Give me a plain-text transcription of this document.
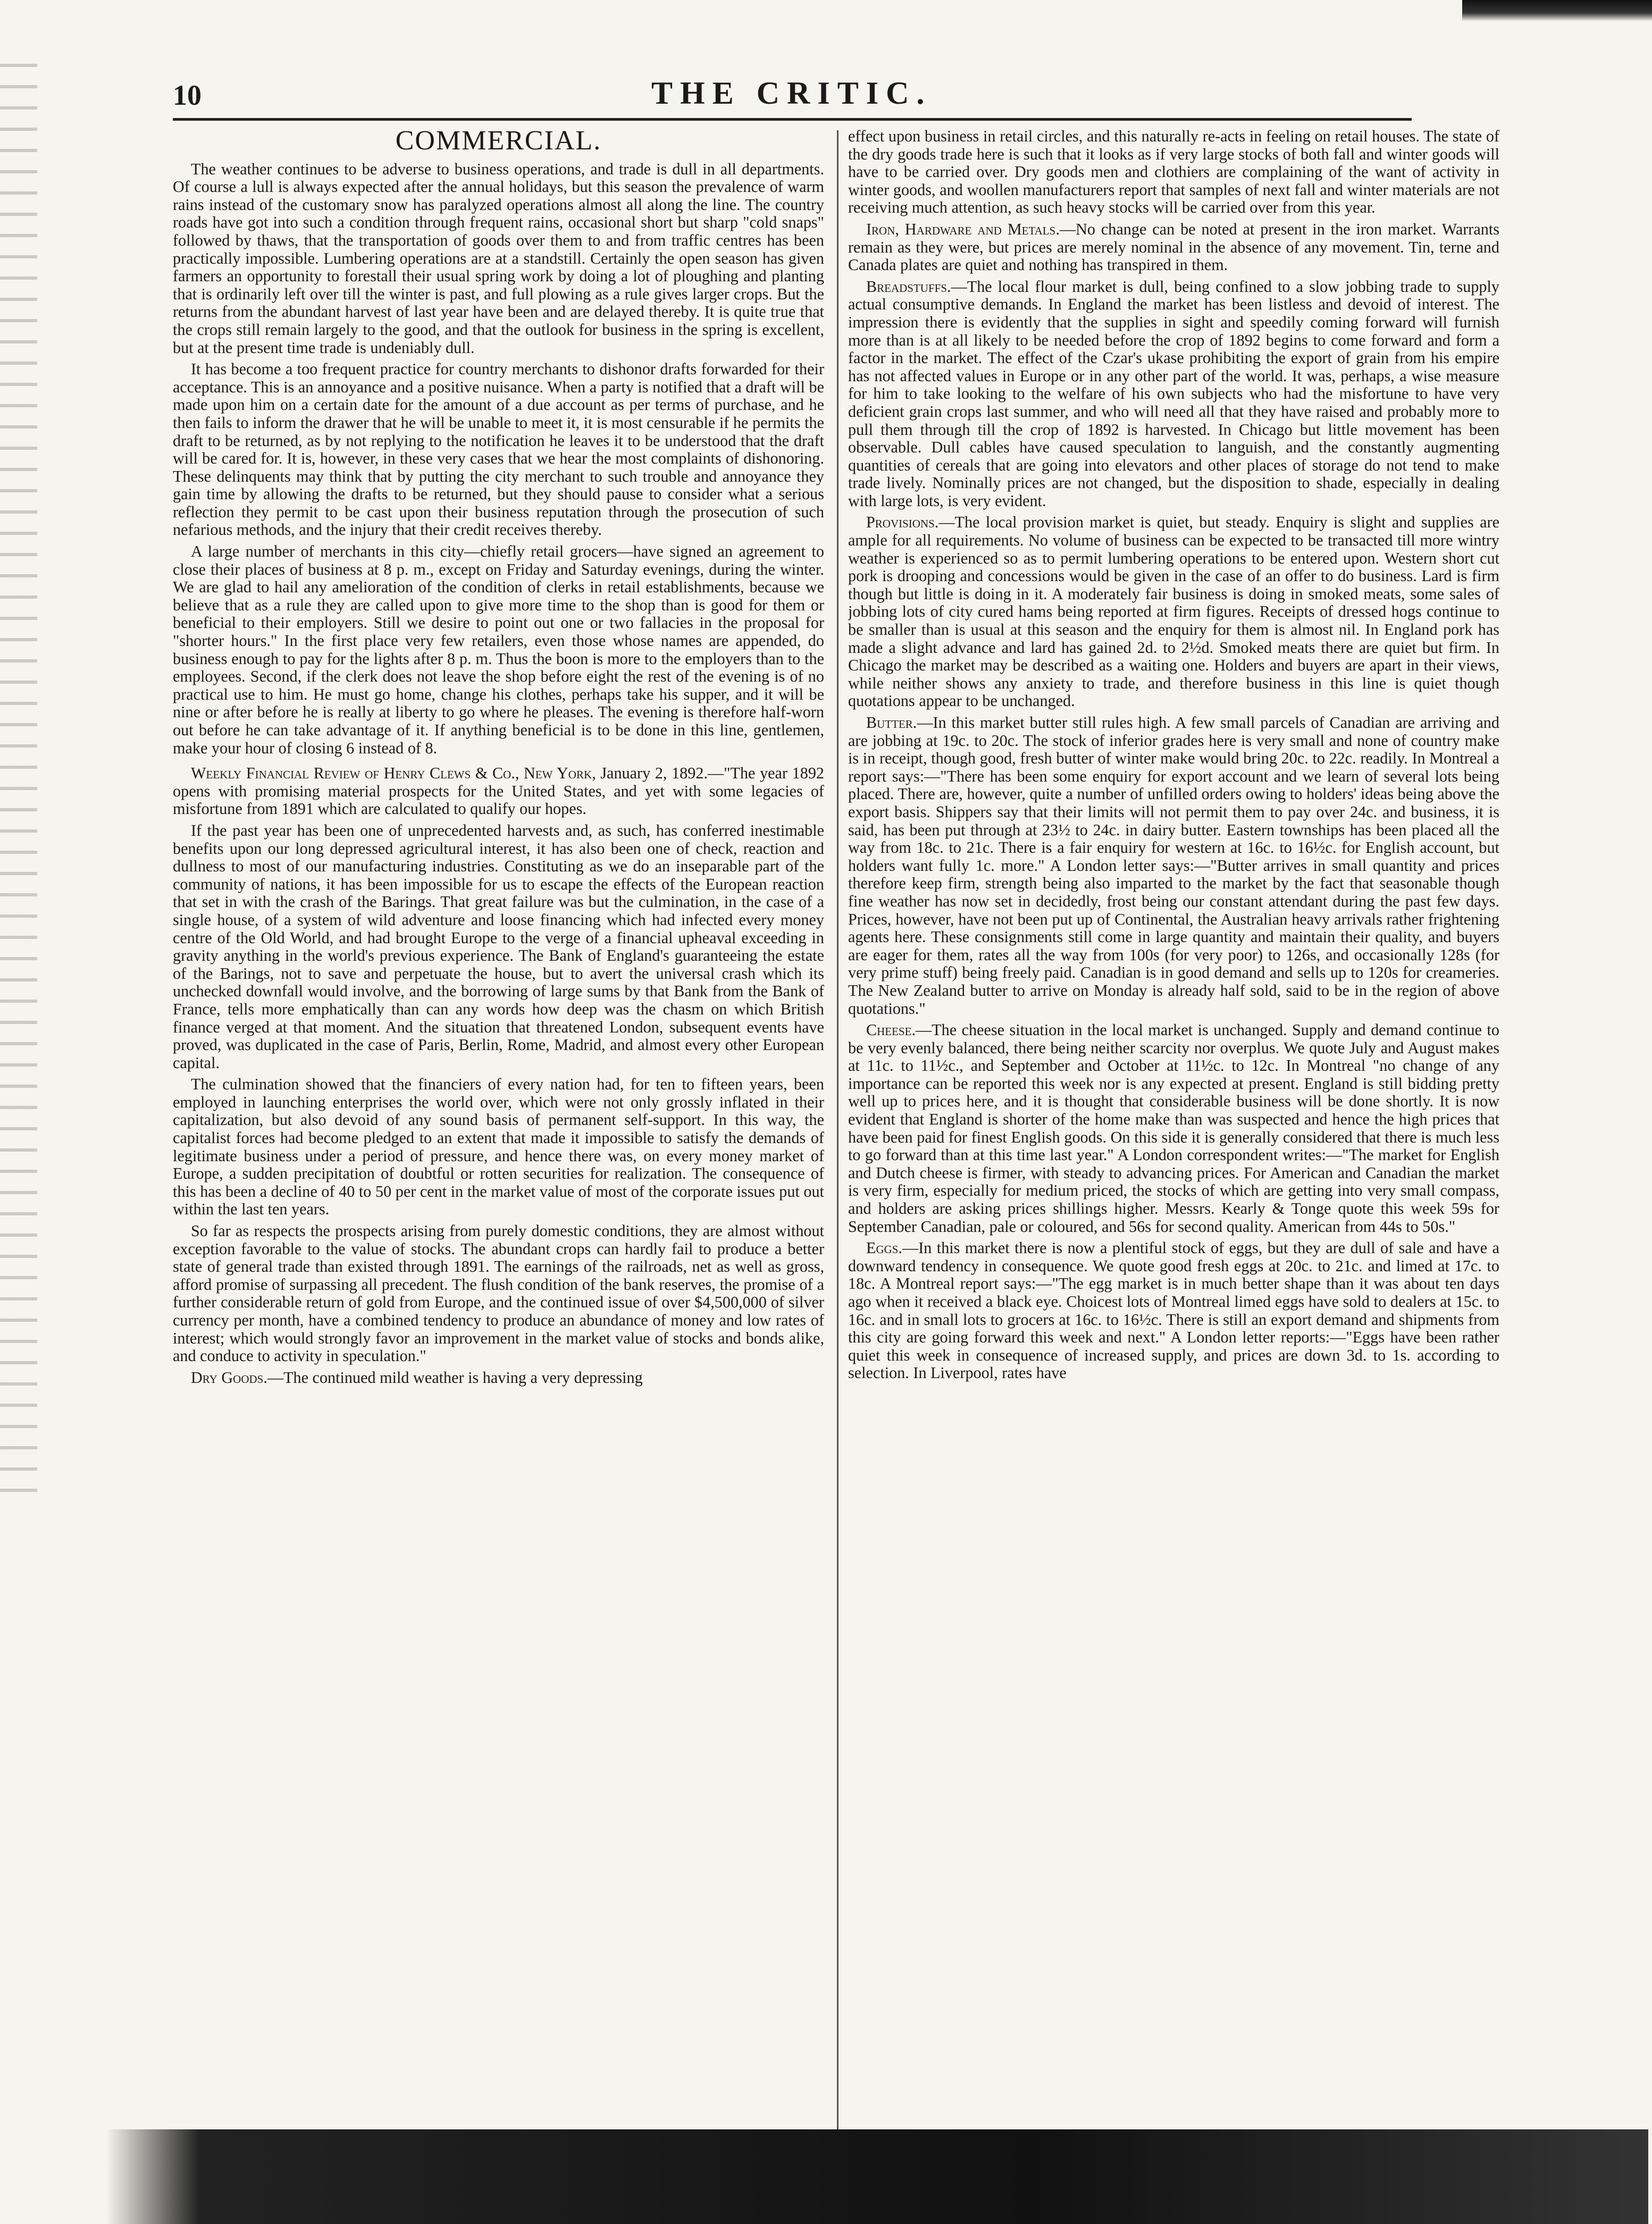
10	THE CRITIC.
COMMERCIAL.

The weather continues to be adverse to business operations, and trade is dull in all departments. Of course a lull is always expected after the annual holidays, but this season the prevalence of warm rains instead of the customary snow has paralyzed operations almost all along the line. The country roads have got into such a condition through frequent rains, occasional short but sharp "cold snaps" followed by thaws, that the transportation of goods over them to and from traffic centres has been practically impossible. Lumbering operations are at a standstill. Certainly the open season has given farmers an opportunity to forestall their usual spring work by doing a lot of ploughing and planting that is ordinarily left over till the winter is past, and full plowing as a rule gives larger crops. But the returns from the abundant harvest of last year have been and are delayed thereby. It is quite true that the crops still remain largely to the good, and that the outlook for business in the spring is excellent, but at the present time trade is undeniably dull.

It has become a too frequent practice for country merchants to dishonor drafts forwarded for their acceptance. This is an annoyance and a positive nuisance. When a party is notified that a draft will be made upon him on a certain date for the amount of a due account as per terms of purchase, and he then fails to inform the drawer that he will be unable to meet it, it is most censurable if he permits the draft to be returned, as by not replying to the notification he leaves it to be understood that the draft will be cared for. It is, however, in these very cases that we hear the most complaints of dishonoring. These delinquents may think that by putting the city merchant to such trouble and annoyance they gain time by allowing the drafts to be returned, but they should pause to consider what a serious reflection they permit to be cast upon their business reputation through the prosecution of such nefarious methods, and the injury that their credit receives thereby.

A large number of merchants in this city—chiefly retail grocers—have signed an agreement to close their places of business at 8 p. m., except on Friday and Saturday evenings, during the winter. We are glad to hail any amelioration of the condition of clerks in retail establishments, because we believe that as a rule they are called upon to give more time to the shop than is good for them or beneficial to their employers. Still we desire to point out one or two fallacies in the proposal for "shorter hours." In the first place very few retailers, even those whose names are appended, do business enough to pay for the lights after 8 p. m. Thus the boon is more to the employers than to the employees. Second, if the clerk does not leave the shop before eight the rest of the evening is of no practical use to him. He must go home, change his clothes, perhaps take his supper, and it will be nine or after before he is really at liberty to go where he pleases. The evening is therefore half-worn out before he can take advantage of it. If anything beneficial is to be done in this line, gentlemen, make your hour of closing 6 instead of 8.

Weekly Financial Review of Henry Clews & Co., New York, January 2, 1892.—"The year 1892 opens with promising material prospects for the United States, and yet with some legacies of misfortune from 1891 which are calculated to qualify our hopes.

If the past year has been one of unprecedented harvests and, as such, has conferred inestimable benefits upon our long depressed agricultural interest, it has also been one of check, reaction and dullness to most of our manufacturing industries. Constituting as we do an inseparable part of the community of nations, it has been impossible for us to escape the effects of the European reaction that set in with the crash of the Barings. That great failure was but the culmination, in the case of a single house, of a system of wild adventure and loose financing which had infected every money centre of the Old World, and had brought Europe to the verge of a financial upheaval exceeding in gravity anything in the world's previous experience. The Bank of England's guaranteeing the estate of the Barings, not to save and perpetuate the house, but to avert the universal crash which its unchecked downfall would involve, and the borrowing of large sums by that Bank from the Bank of France, tells more emphatically than can any words how deep was the chasm on which British finance verged at that moment. And the situation that threatened London, subsequent events have proved, was duplicated in the case of Paris, Berlin, Rome, Madrid, and almost every other European capital.

The culmination showed that the financiers of every nation had, for ten to fifteen years, been employed in launching enterprises the world over, which were not only grossly inflated in their capitalization, but also devoid of any sound basis of permanent self-support. In this way, the capitalist forces had become pledged to an extent that made it impossible to satisfy the demands of legitimate business under a period of pressure, and hence there was, on every money market of Europe, a sudden precipitation of doubtful or rotten securities for realization. The consequence of this has been a decline of 40 to 50 per cent in the market value of most of the corporate issues put out within the last ten years.

So far as respects the prospects arising from purely domestic conditions, they are almost without exception favorable to the value of stocks. The abundant crops can hardly fail to produce a better state of general trade than existed through 1891. The earnings of the railroads, net as well as gross, afford promise of surpassing all precedent. The flush condition of the bank reserves, the promise of a further considerable return of gold from Europe, and the continued issue of over $4,500,000 of silver currency per month, have a combined tendency to produce an abundance of money and low rates of interest; which would strongly favor an improvement in the market value of stocks and bonds alike, and conduce to activity in speculation."

Dry Goods.—The continued mild weather is having a very depressing

effect upon business in retail circles, and this naturally re-acts in feeling on retail houses. The state of the dry goods trade here is such that it looks as if very large stocks of both fall and winter goods will have to be carried over. Dry goods men and clothiers are complaining of the want of activity in winter goods, and woollen manufacturers report that samples of next fall and winter materials are not receiving much attention, as such heavy stocks will be carried over from this year.

Iron, Hardware and Metals.—No change can be noted at present in the iron market. Warrants remain as they were, but prices are merely nominal in the absence of any movement. Tin, terne and Canada plates are quiet and nothing has transpired in them.

Breadstuffs.—The local flour market is dull, being confined to a slow jobbing trade to supply actual consumptive demands. In England the market has been listless and devoid of interest. The impression there is evidently that the supplies in sight and speedily coming forward will furnish more than is at all likely to be needed before the crop of 1892 begins to come forward and form a factor in the market. The effect of the Czar's ukase prohibiting the export of grain from his empire has not affected values in Europe or in any other part of the world. It was, perhaps, a wise measure for him to take looking to the welfare of his own subjects who had the misfortune to have very deficient grain crops last summer, and who will need all that they have raised and probably more to pull them through till the crop of 1892 is harvested. In Chicago but little movement has been observable. Dull cables have caused speculation to languish, and the constantly augmenting quantities of cereals that are going into elevators and other places of storage do not tend to make trade lively. Nominally prices are not changed, but the disposition to shade, especially in dealing with large lots, is very evident.

Provisions.—The local provision market is quiet, but steady. Enquiry is slight and supplies are ample for all requirements. No volume of business can be expected to be transacted till more wintry weather is experienced so as to permit lumbering operations to be entered upon. Western short cut pork is drooping and concessions would be given in the case of an offer to do business. Lard is firm though but little is doing in it. A moderately fair business is doing in smoked meats, some sales of jobbing lots of city cured hams being reported at firm figures. Receipts of dressed hogs continue to be smaller than is usual at this season and the enquiry for them is almost nil. In England pork has made a slight advance and lard has gained 2d. to 2½d. Smoked meats there are quiet but firm. In Chicago the market may be described as a waiting one. Holders and buyers are apart in their views, while neither shows any anxiety to trade, and therefore business in this line is quiet though quotations appear to be unchanged.

Butter.—In this market butter still rules high. A few small parcels of Canadian are arriving and are jobbing at 19c. to 20c. The stock of inferior grades here is very small and none of country make is in receipt, though good, fresh butter of winter make would bring 20c. to 22c. readily. In Montreal a report says:—"There has been some enquiry for export account and we learn of several lots being placed. There are, however, quite a number of unfilled orders owing to holders' ideas being above the export basis. Shippers say that their limits will not permit them to pay over 24c. and business, it is said, has been put through at 23½ to 24c. in dairy butter. Eastern townships has been placed all the way from 18c. to 21c. There is a fair enquiry for western at 16c. to 16½c. for English account, but holders want fully 1c. more." A London letter says:—"Butter arrives in small quantity and prices therefore keep firm, strength being also imparted to the market by the fact that seasonable though fine weather has now set in decidedly, frost being our constant attendant during the past few days. Prices, however, have not been put up of Continental, the Australian heavy arrivals rather frightening agents here. These consignments still come in large quantity and maintain their quality, and buyers are eager for them, rates all the way from 100s (for very poor) to 126s, and occasionally 128s (for very prime stuff) being freely paid. Canadian is in good demand and sells up to 120s for creameries. The New Zealand butter to arrive on Monday is already half sold, said to be in the region of above quotations."

Cheese.—The cheese situation in the local market is unchanged. Supply and demand continue to be very evenly balanced, there being neither scarcity nor overplus. We quote July and August makes at 11c. to 11½c., and September and October at 11½c. to 12c. In Montreal "no change of any importance can be reported this week nor is any expected at present. England is still bidding pretty well up to prices here, and it is thought that considerable business will be done shortly. It is now evident that England is shorter of the home make than was suspected and hence the high prices that have been paid for finest English goods. On this side it is generally considered that there is much less to go forward than at this time last year." A London correspondent writes:—"The market for English and Dutch cheese is firmer, with steady to advancing prices. For American and Canadian the market is very firm, especially for medium priced, the stocks of which are getting into very small compass, and holders are asking prices shillings higher. Messrs. Kearly & Tonge quote this week 59s for September Canadian, pale or coloured, and 56s for second quality. American from 44s to 50s."

Eggs.—In this market there is now a plentiful stock of eggs, but they are dull of sale and have a downward tendency in consequence. We quote good fresh eggs at 20c. to 21c. and limed at 17c. to 18c. A Montreal report says:—"The egg market is in much better shape than it was about ten days ago when it received a black eye. Choicest lots of Montreal limed eggs have sold to dealers at 15c. to 16c. and in small lots to grocers at 16c. to 16½c. There is still an export demand and shipments from this city are going forward this week and next." A London letter reports:—"Eggs have been rather quiet this week in consequence of increased supply, and prices are down 3d. to 1s. according to selection. In Liverpool, rates have
